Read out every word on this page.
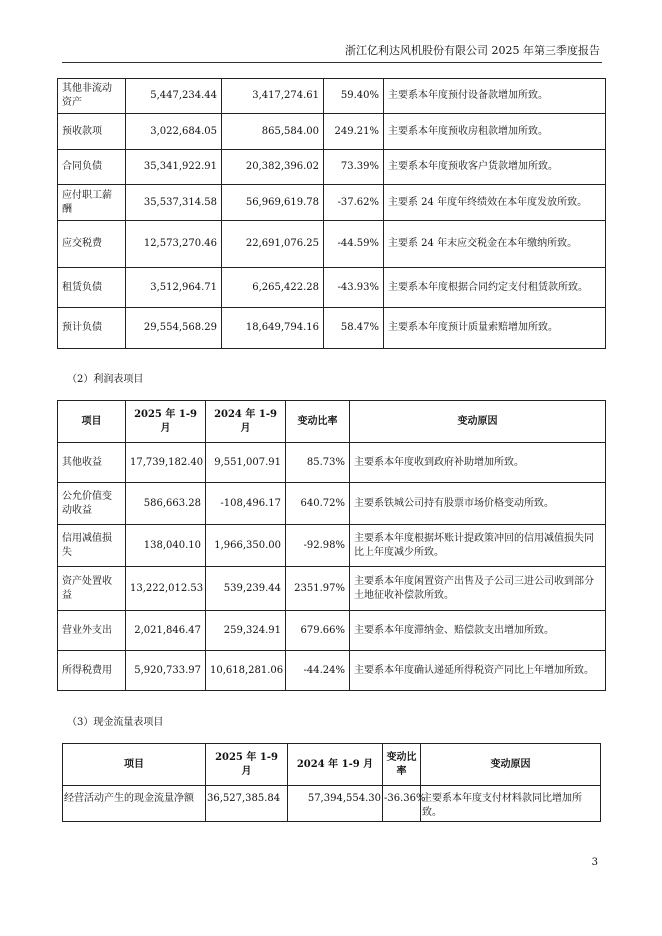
浙江亿利达风机股份有限公司 2025 年第三季度报告
其他非流动资产	5,447,234.44	3,417,274.61	59.40%	主要系本年度预付设备款增加所致。
预收款项	3,022,684.05	865,584.00	249.21%	主要系本年度预收房租款增加所致。
合同负债	35,341,922.91	20,382,396.02	73.39%	主要系本年度预收客户货款增加所致。
应付职工薪酬	35,537,314.58	56,969,619.78	-37.62%	主要系 24 年度年终绩效在本年度发放所致。
应交税费	12,573,270.46	22,691,076.25	-44.59%	主要系 24 年末应交税金在本年缴纳所致。
租赁负债	3,512,964.71	6,265,422.28	-43.93%	主要系本年度根据合同约定支付租赁款所致。
预计负债	29,554,568.29	18,649,794.16	58.47%	主要系本年度预计质量索赔增加所致。
（2）利润表项目
项目	2025 年 1-9 月	2024 年 1-9 月	变动比率	变动原因
其他收益	17,739,182.40	9,551,007.91	85.73%	主要系本年度收到政府补助增加所致。
公允价值变动收益	586,663.28	-108,496.17	640.72%	主要系铁城公司持有股票市场价格变动所致。
信用减值损失	138,040.10	1,966,350.00	-92.98%	主要系本年度根据坏账计提政策冲回的信用减值损失同比上年度减少所致。
资产处置收益	13,222,012.53	539,239.44	2351.97%	主要系本年度闲置资产出售及子公司三进公司收到部分土地征收补偿款所致。
营业外支出	2,021,846.47	259,324.91	679.66%	主要系本年度滞纳金、赔偿款支出增加所致。
所得税费用	5,920,733.97	10,618,281.06	-44.24%	主要系本年度确认递延所得税资产同比上年增加所致。
（3）现金流量表项目
项目	2025 年 1-9 月	2024 年 1-9 月	变动比率	变动原因
经营活动产生的现金流量净额	36,527,385.84	57,394,554.30	-36.36%	主要系本年度支付材料款同比增加所致。
3
